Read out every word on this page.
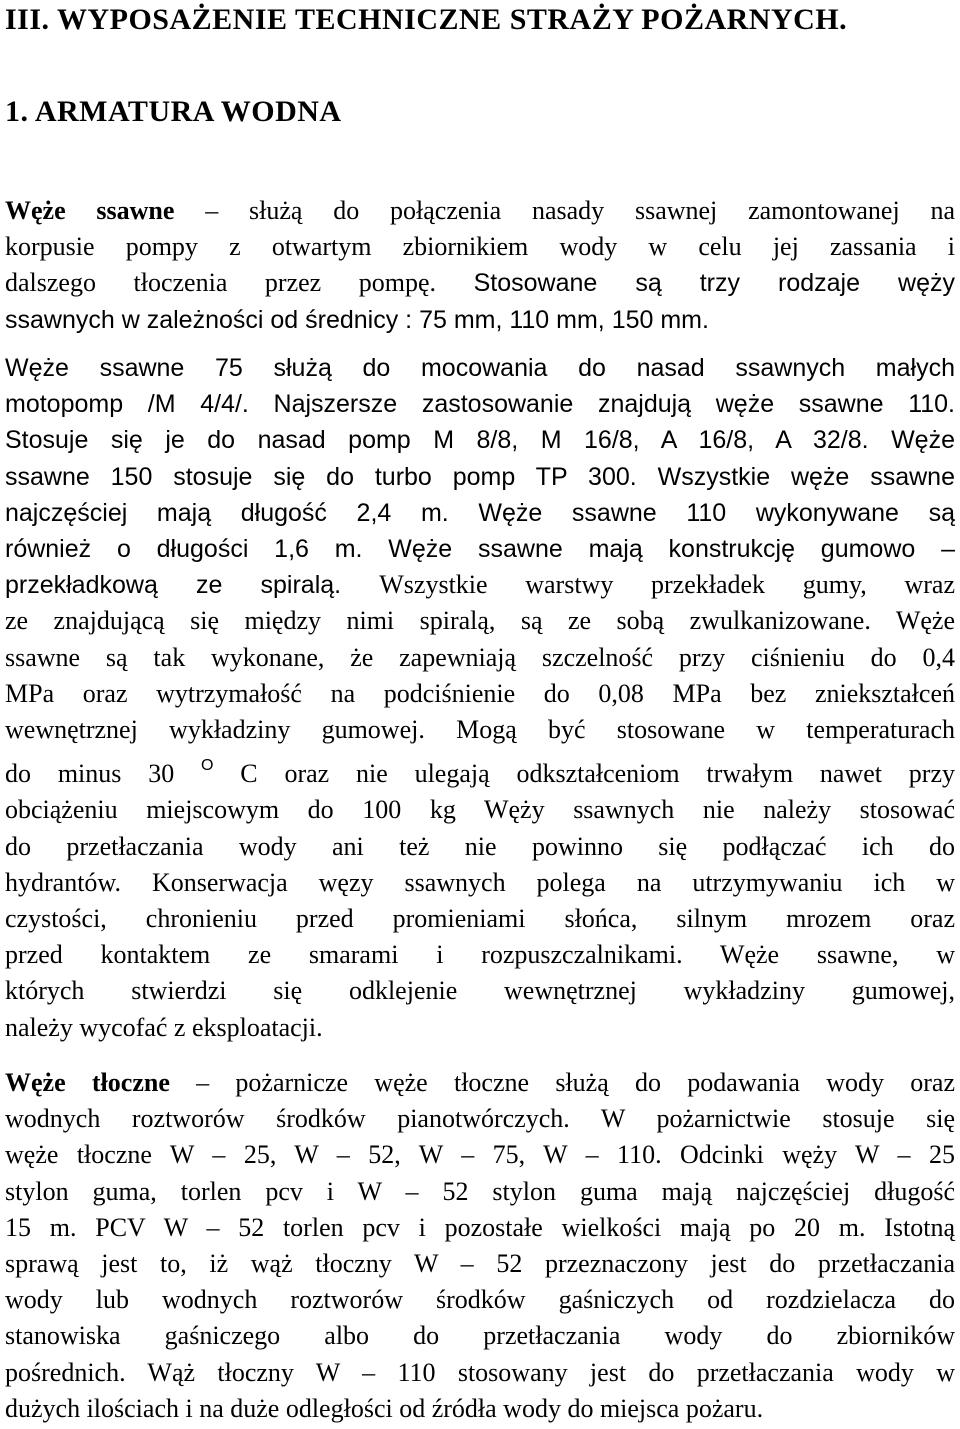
III. WYPOSAŻENIE TECHNICZNE STRAŻY POŻARNYCH.
1. ARMATURA WODNA
Węże ssawne – służą do połączenia nasady ssawnej zamontowanej na
korpusie pompy z otwartym zbiornikiem wody w celu jej zassania i
dalszego tłoczenia przez pompę. Stosowane są trzy rodzaje węży
ssawnych w zależności od średnicy : 75 mm, 110 mm, 150 mm.
Węże ssawne 75 służą do mocowania do nasad ssawnych małych
motopomp /M 4/4/. Najszersze zastosowanie znajdują węże ssawne 110.
Stosuje się je do nasad pomp M 8/8, M 16/8, A 16/8, A 32/8. Węże
ssawne 150 stosuje się do turbo pomp TP 300. Wszystkie węże ssawne
najczęściej mają długość 2,4 m. Węże ssawne 110 wykonywane są
również o długości 1,6 m. Węże ssawne mają konstrukcję gumowo –
przekładkową ze spiralą. Wszystkie warstwy przekładek gumy, wraz
ze znajdującą się między nimi spiralą, są ze sobą zwulkanizowane. Węże
ssawne są tak wykonane, że zapewniają szczelność przy ciśnieniu do 0,4
MPa oraz wytrzymałość na podciśnienie do 0,08 MPa bez zniekształceń
wewnętrznej wykładziny gumowej. Mogą być stosowane w temperaturach
do minus 30 $^O$ C oraz nie ulegają odkształceniom trwałym nawet przy
obciążeniu miejscowym do 100 kg Węży ssawnych nie należy stosować
do przetłaczania wody ani też nie powinno się podłączać ich do
hydrantów. Konserwacja węzy ssawnych polega na utrzymywaniu ich w
czystości, chronieniu przed promieniami słońca, silnym mrozem oraz
przed kontaktem ze smarami i rozpuszczalnikami. Węże ssawne, w
których stwierdzi się odklejenie wewnętrznej wykładziny gumowej,
należy wycofać z eksploatacji.
Węże tłoczne – pożarnicze węże tłoczne służą do podawania wody oraz
wodnych roztworów środków pianotwórczych. W pożarnictwie stosuje się
węże tłoczne W – 25, W – 52, W – 75, W – 110. Odcinki węży W – 25
stylon guma, torlen pcv i W – 52 stylon guma mają najczęściej długość
15 m. PCV W – 52 torlen pcv i pozostałe wielkości mają po 20 m. Istotną
sprawą jest to, iż wąż tłoczny W – 52 przeznaczony jest do przetłaczania
wody lub wodnych roztworów środków gaśniczych od rozdzielacza do
stanowiska gaśniczego albo do przetłaczania wody do zbiorników
pośrednich. Wąż tłoczny W – 110 stosowany jest do przetłaczania wody w
dużych ilościach i na duże odległości od źródła wody do miejsca pożaru.
